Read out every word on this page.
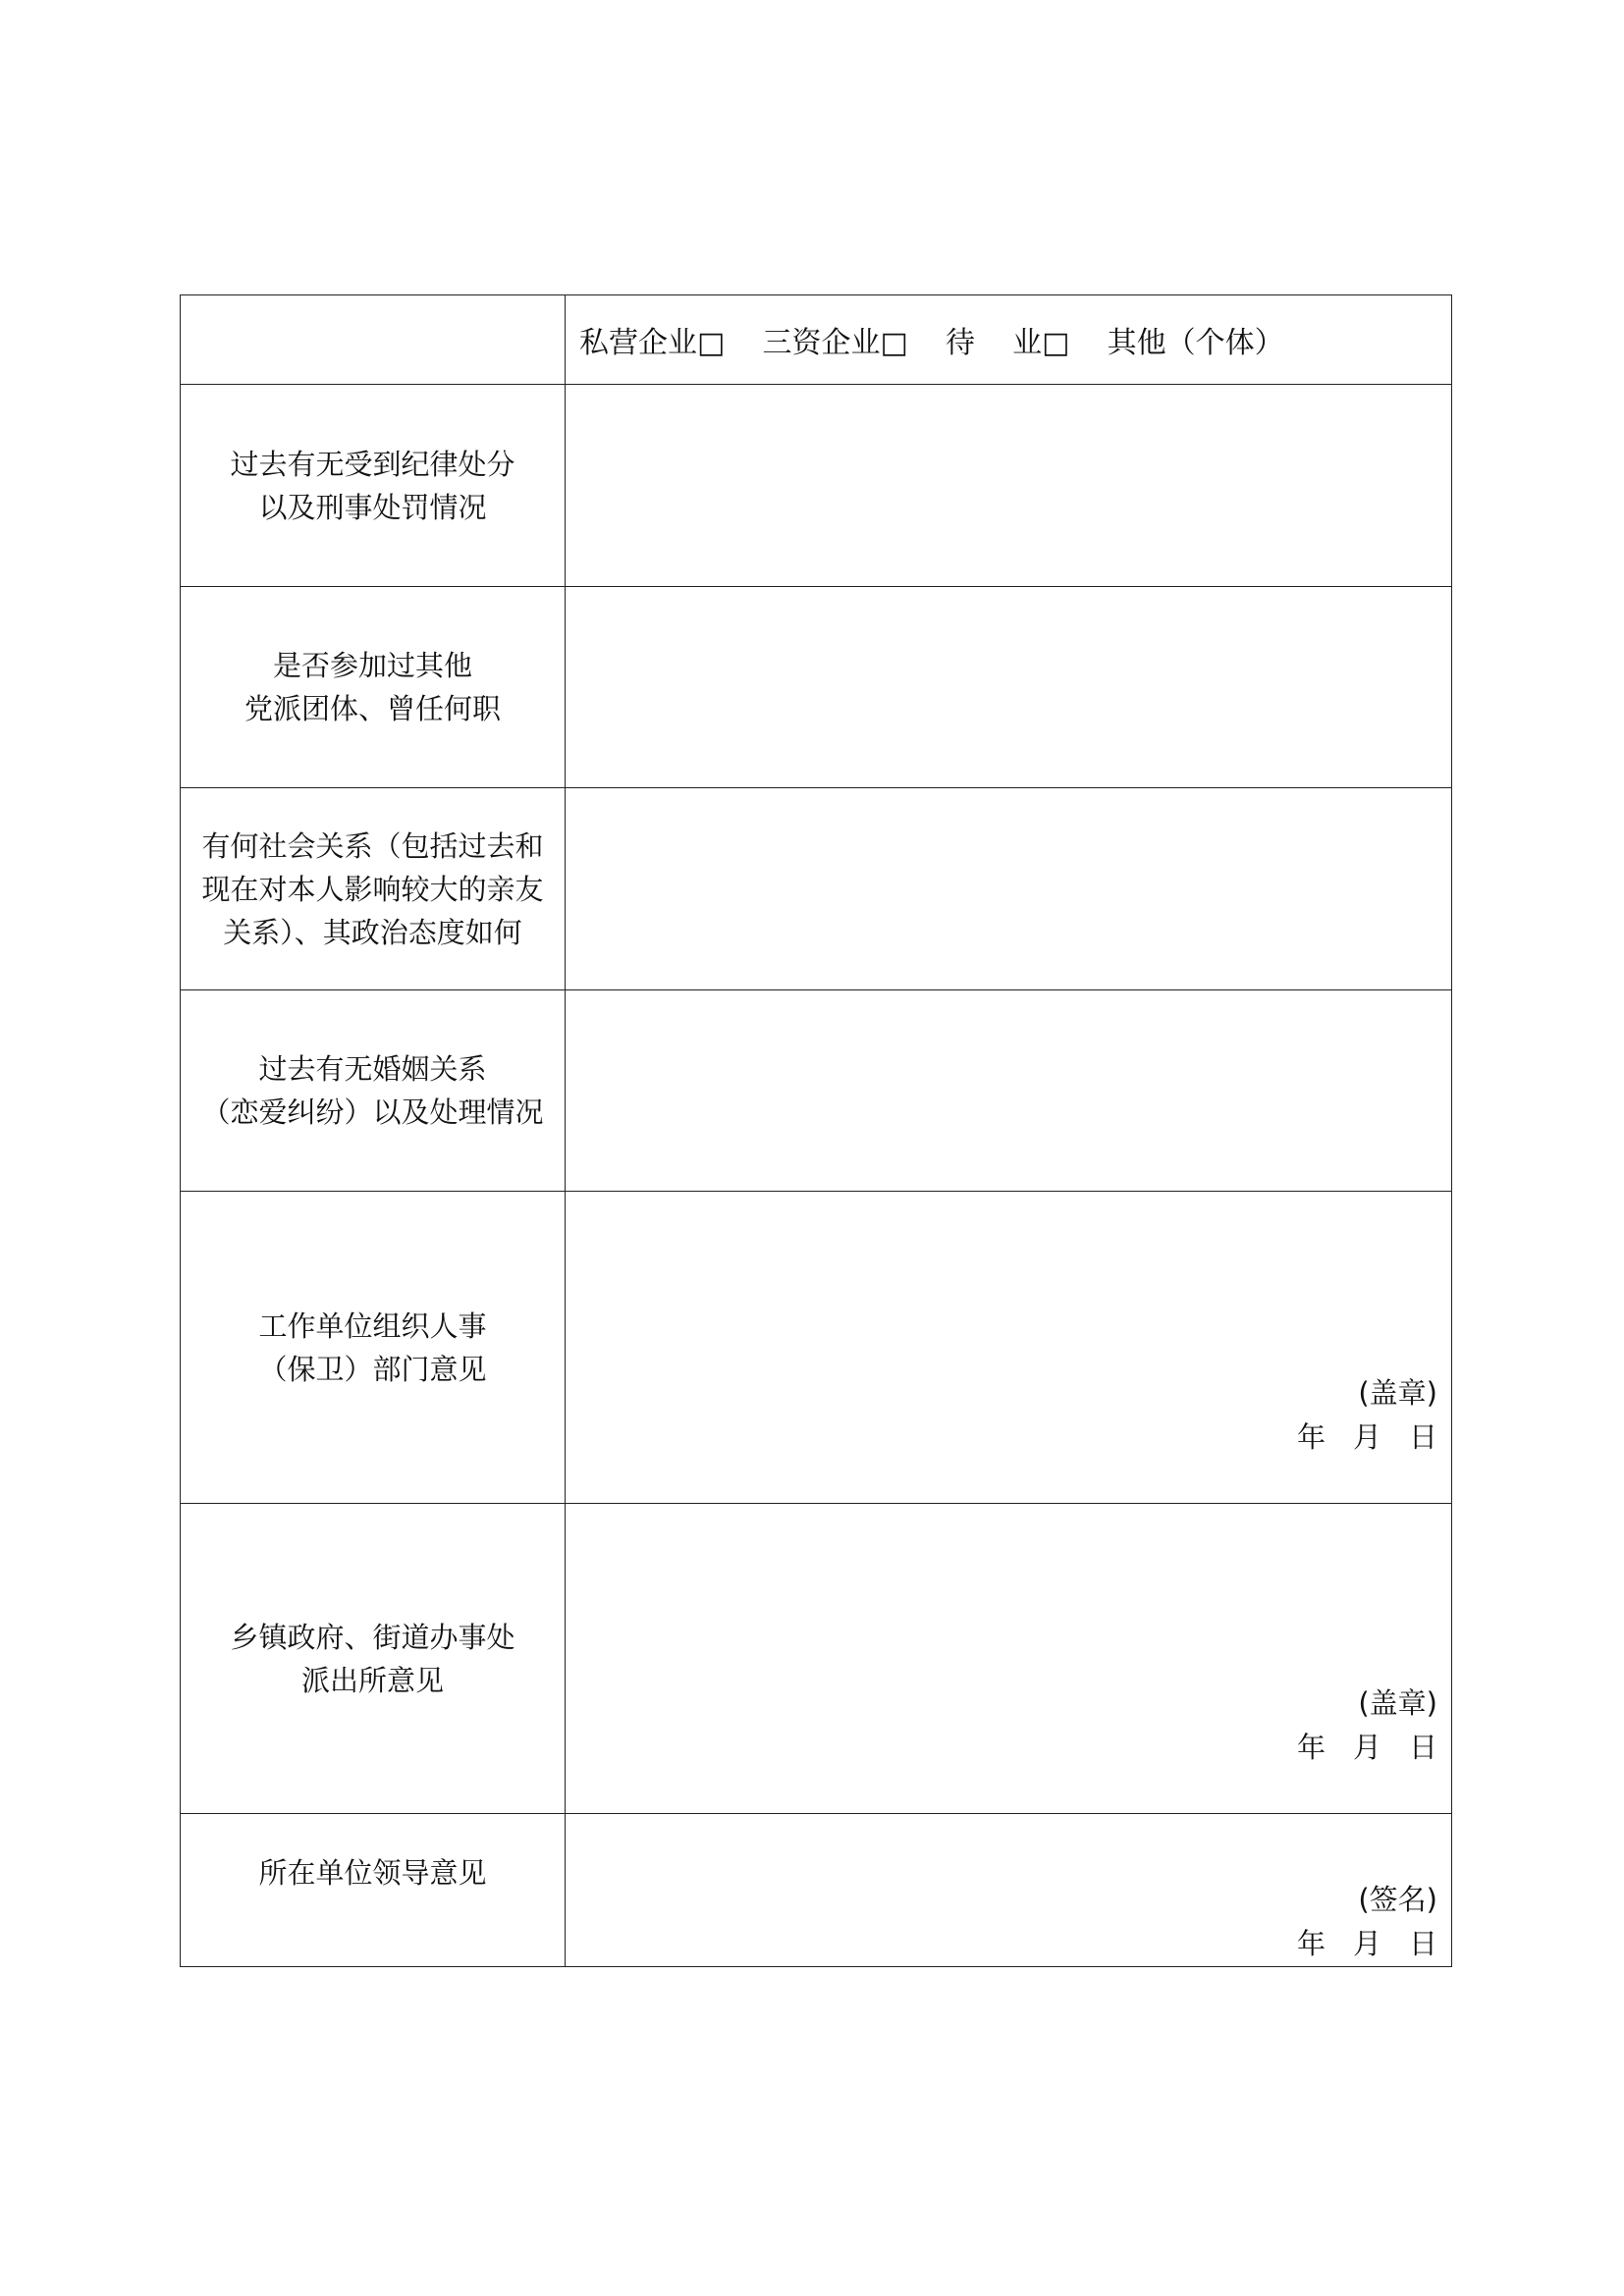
私营企业□    三资企业□    待    业□    其他（个体）
过去有无受到纪律处分
以及刑事处罚情况
是否参加过其他
党派团体、曾任何职
有何社会关系（包括过去和
现在对本人影响较大的亲友
关系）、其政治态度如何
过去有无婚姻关系
（恋爱纠纷）以及处理情况
工作单位组织人事
（保卫）部门意见
(盖章)
年 月 日
乡镇政府、街道办事处
派出所意见
(盖章)
年 月 日
所在单位领导意见
(签名)
年 月 日
